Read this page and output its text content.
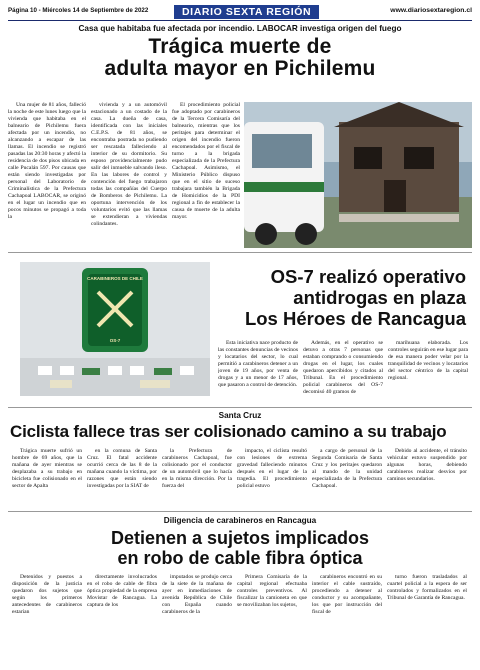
Página 10 - Miércoles 14 de Septiembre de 2022	DIARIO SEXTA REGIÓN	www.diariosextaregion.cl
Casa que habitaba fue afectada por incendio. LABOCAR investiga origen del fuego
Trágica muerte de
adulta mayor en Pichilemu

Una mujer de 81 años, falleció la noche de este lunes luego que la vivienda que habitaba en el balneario de Pichilemu fuera afectada por un incendio, no alcanzando a escapar de las llamas. El incendio se registró pasadas las 20:30 horas y afectó la residencia de dos pisos ubicada en calle Pucalán 597. Por causas que están siendo investigadas por personal del Laboratorio de Criminalística de la Prefectura Cachapoal LABOCAR, se originó en el lugar un incendio que en pocos minutos se propagó a toda la

vivienda y a un automóvil estacionado a un costado de la casa. La dueña de casa, identificada con las iniciales C.E.P.S. de 81 años, se encontraba postrada no pudiendo ser rescatada falleciendo al interior de su dormitorio. Su esposo providencialmente pudo salir del inmueble salvando ileso. En las labores de control y contención del fuego trabajaron todas las compañías del Cuerpo de Bomberos de Pichilemu. La oportuna intervención de los voluntarios evitó que las llamas se extendieran a viviendas colindantes.

El procedimiento policial fue adoptado por carabineros de la Tercera Comisaría del balneario, mientras que los peritajes para determinar el origen del incendio fueron encomendados por el fiscal de turno a la brigada especializada de la Prefectura Cachapoal. Asimismo, el Ministerio Público dispuso que en el sitio de suceso trabajara también la Brigada de Homicidios de la PDI regional a fin de establecer la causa de muerte de la adulta mayor.

CARABINEROS DE CHILE
OS-7
OS-7 realizó operativo
antidrogas en plaza
Los Héroes de Rancagua

Esta iniciativa nace producto de las constantes denuncias de vecinos y locatarios del sector, lo cual permitió a carabineros detener a un joven de 19 años, por venta de drogas y a un menor de 17 años, que pasaron a control de detención.

Además, en el operativo se detuvo a otras 7 personas que estaban comprando o consumiendo drogas en el lugar, los cuales quedaron apercibidos y citados al Tribunal. En el procedimiento policial carabineros del OS-7 decomisó 40 gramos de

marihuana elaborada. Los controles seguirán en ese lugar para de esa manera poder velar por la tranquilidad de vecinos y locatarios del sector céntrico de la capital regional.

Santa Cruz
Ciclista fallece tras ser colisionado camino a su trabajo

Trágica muerte sufrió un hombre de 69 años, que la mañana de ayer mientras se desplazaba a su trabajo en bicicleta fue colisionado en el sector de Apalta

en la comuna de Santa Cruz. El fatal accidente ocurrió cerca de las 8 de la mañana cuando la víctima, por razones que están siendo investigadas por la SIAT de

la Prefectura de carabineros Cachapoal, fue colisionado por el conductor de un automóvil que lo hacía en la misma dirección. Por la fuerza del

impacto, el ciclista resultó con lesiones de extrema gravedad falleciendo minutos después en el lugar de la tragedia. El procedimiento policial estuvo

a cargo de personal de la Segunda Comisaría de Santa Cruz y los peritajes quedaron al mando de la unidad especializada de la Prefectura Cachapoal.

Debido al accidente, el tránsito vehicular estuvo suspendido por algunas horas, debiendo carabineros realizar desvíos por caminos secundarios.

Diligencia de carabineros en Rancagua
Detienen a sujetos implicados
en robo de cable fibra óptica

Detenidos y puestos a disposición de la justicia quedaron dos sujetos que según los primeros antecedentes de carabineros estarían

directamente involucrados en el robo de cable de fibra óptica propiedad de la empresa Movistar de Rancagua. La captura de los

imputados se produjo cerca de la siete de la mañana de ayer en inmediaciones de avenida República de Chile con España cuando carabineros de la

Primera Comisaría de la capital regional efectuaba controles preventivos. Al fiscalizar la camioneta en que se movilizaban los sujetos,

carabineros encontró en su interior el cable sustraído, procediendo a detener al conductor y su acompañante, los que por instrucción del fiscal de

turno fueron trasladados al cuartel policial a la espera de ser controlados y formalizados en el Tribunal de Garantía de Rancagua.
